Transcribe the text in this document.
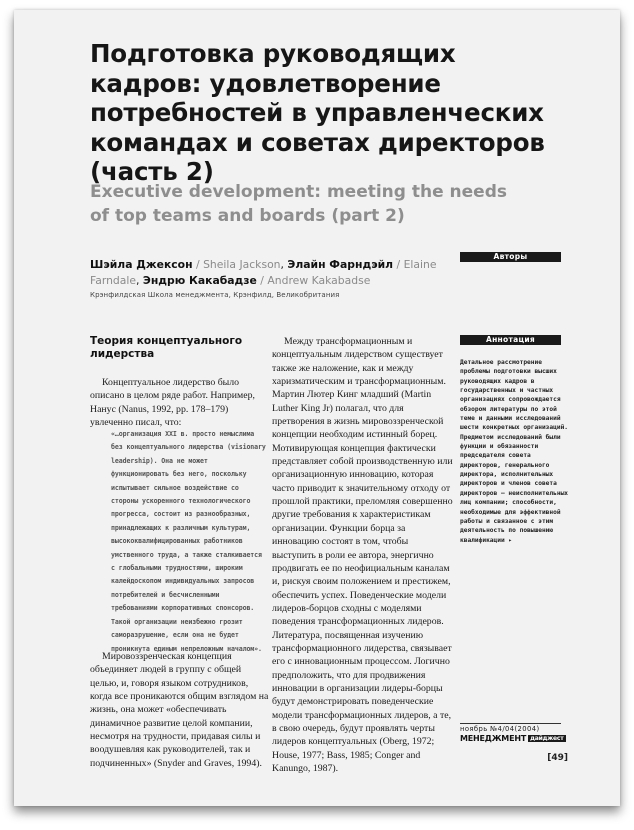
Подготовка руководящих кадров: удовлетворение потребностей в управленческих командах и советах директоров (часть 2)
Executive development: meeting the needs of top teams and boards (part 2)
Шэйла Джексон / Sheila Jackson, Элайн Фарндэйл / Elaine Farndale, Эндрю Какабадзе / Andrew Kakabadse
Крэнфилдская Школа менеджмента, Крэнфилд, Великобритания
Авторы
Теория концептуального лидерства

Концептуальное лидерство было описано в целом ряде работ. Например, Нанус (Nanus, 1992, pp. 178–179) увлеченно писал, что:

«…организация XXI в. просто немыслима без концептуального лидерства (visionary leadership). Она не может функционировать без него, поскольку испытывает сильное воздействие со стороны ускоренного технологического прогресса, состоит из разнообразных, принадлежащих к различным культурам, высококвалифицированных работников умственного труда, а также сталкивается с глобальными трудностями, широким калейдоскопом индивидуальных запросов потребителей и бесчисленными требованиями корпоративных спонсоров. Такой организации неизбежно грозит саморазрушение, если она не будет проникнута единым непреложным началом».

Мировоззренческая концепция объединяет людей в группу с общей целью, и, говоря языком сотрудников, когда все проникаются общим взглядом на жизнь, она может «обеспечивать динамичное развитие целой компании, несмотря на трудности, придавая силы и воодушевляя как руководителей, так и подчиненных» (Snyder and Graves, 1994).

Между трансформационным и концептуальным лидерством существует также же наложение, как и между харизматическим и трансформационным. Мартин Лютер Кинг младший (Martin Luther King Jr) полагал, что для претворения в жизнь мировоззренческой концепции необходим истинный борец. Мотивирующая концепция фактически представляет собой производственную или организационную инновацию, которая часто приводит к значительному отходу от прошлой практики, преломляя совершенно другие требования к характеристикам организации. Функции борца за инновацию состоят в том, чтобы выступить в роли ее автора, энергично продвигать ее по неофициальным каналам и, рискуя своим положением и престижем, обеспечить успех. Поведенческие модели лидеров-борцов сходны с моделями поведения трансформационных лидеров. Литература, посвященная изучению трансформационного лидерства, связывает его с инновационным процессом. Логично предположить, что для продвижения инновации в организации лидеры-борцы будут демонстрировать поведенческие модели трансформационных лидеров, а те, в свою очередь, будут проявлять черты лидеров концептуальных (Oberg, 1972; House, 1977; Bass, 1985; Conger and Kanungo, 1987).

Аннотация
Детальное рассмотрение проблемы подготовки высших руководящих кадров в государственных и частных организациях сопровождается обзором литературы по этой теме и данными исследований шести конкретных организаций. Предметом исследований были функции и обязанности председателя совета директоров, генерального директора, исполнительных директоров и членов совета директоров — неисполнительных лиц компании; способности, необходимые для эффективной работы и связанное с этим деятельность по повышению квалификации ▸
ноябрь №4/04(2004)
МЕНЕДЖМЕНТ дайджест
[49]
